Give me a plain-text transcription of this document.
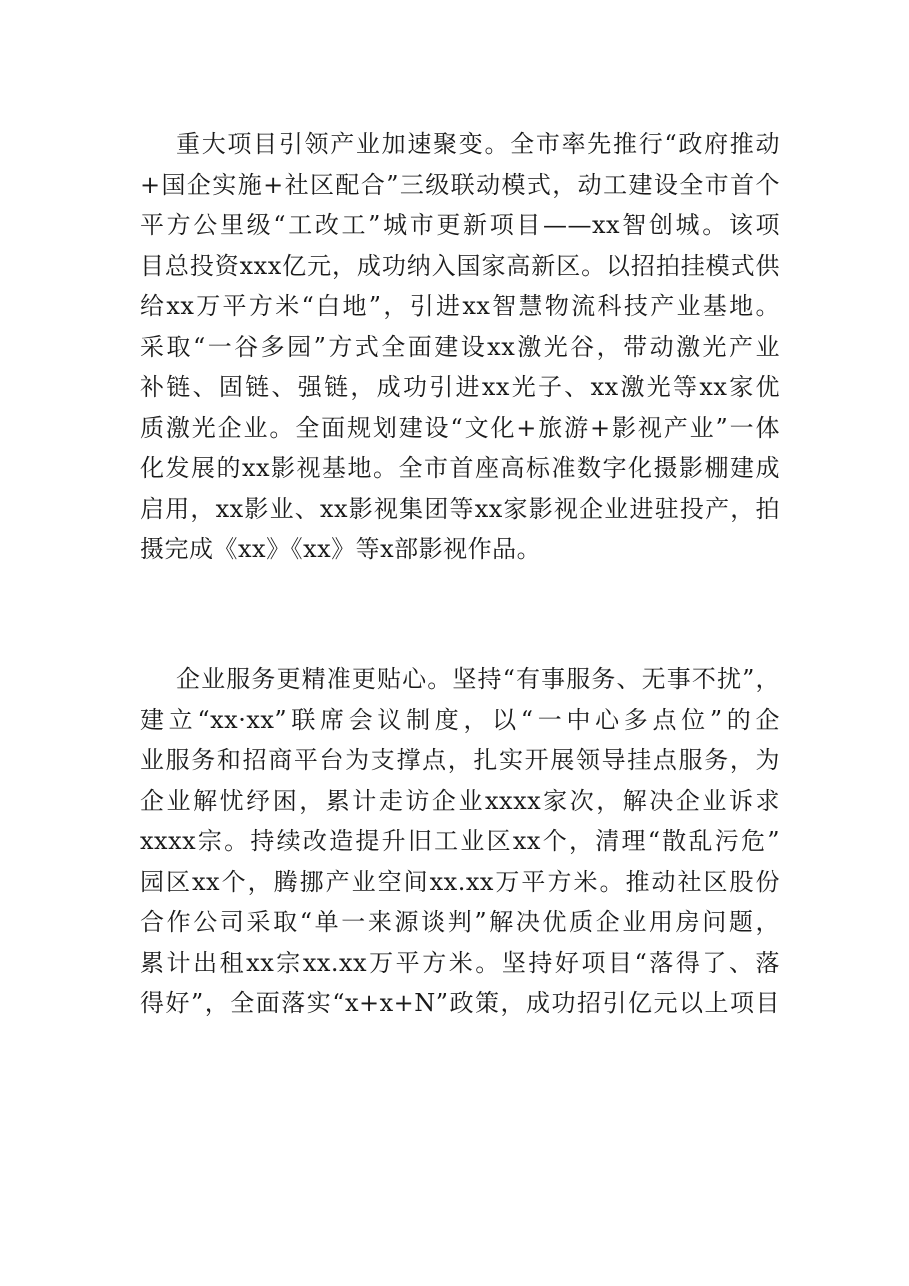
重大项目引领产业加速聚变。全市率先推行“政府推动
+国企实施+社区配合”三级联动模式，动工建设全市首个
平方公里级“工改工”城市更新项目——xx智创城。该项
目总投资xxx亿元，成功纳入国家高新区。以招拍挂模式供
给xx万平方米“白地”，引进xx智慧物流科技产业基地。
采取“一谷多园”方式全面建设xx激光谷，带动激光产业
补链、固链、强链，成功引进xx光子、xx激光等xx家优
质激光企业。全面规划建设“文化+旅游+影视产业”一体
化发展的xx影视基地。全市首座高标准数字化摄影棚建成
启用，xx影业、xx影视集团等xx家影视企业进驻投产，拍
摄完成《xx》《xx》等x部影视作品。
企业服务更精准更贴心。坚持“有事服务、无事不扰”，
建立“xx·xx”联席会议制度，以“一中心多点位”的企
业服务和招商平台为支撑点，扎实开展领导挂点服务，为
企业解忧纾困，累计走访企业xxxx家次，解决企业诉求
xxxx宗。持续改造提升旧工业区xx个，清理“散乱污危”
园区xx个，腾挪产业空间xx.xx万平方米。推动社区股份
合作公司采取“单一来源谈判”解决优质企业用房问题，
累计出租xx宗xx.xx万平方米。坚持好项目“落得了、落
得好”，全面落实“x+x+N”政策，成功招引亿元以上项目
